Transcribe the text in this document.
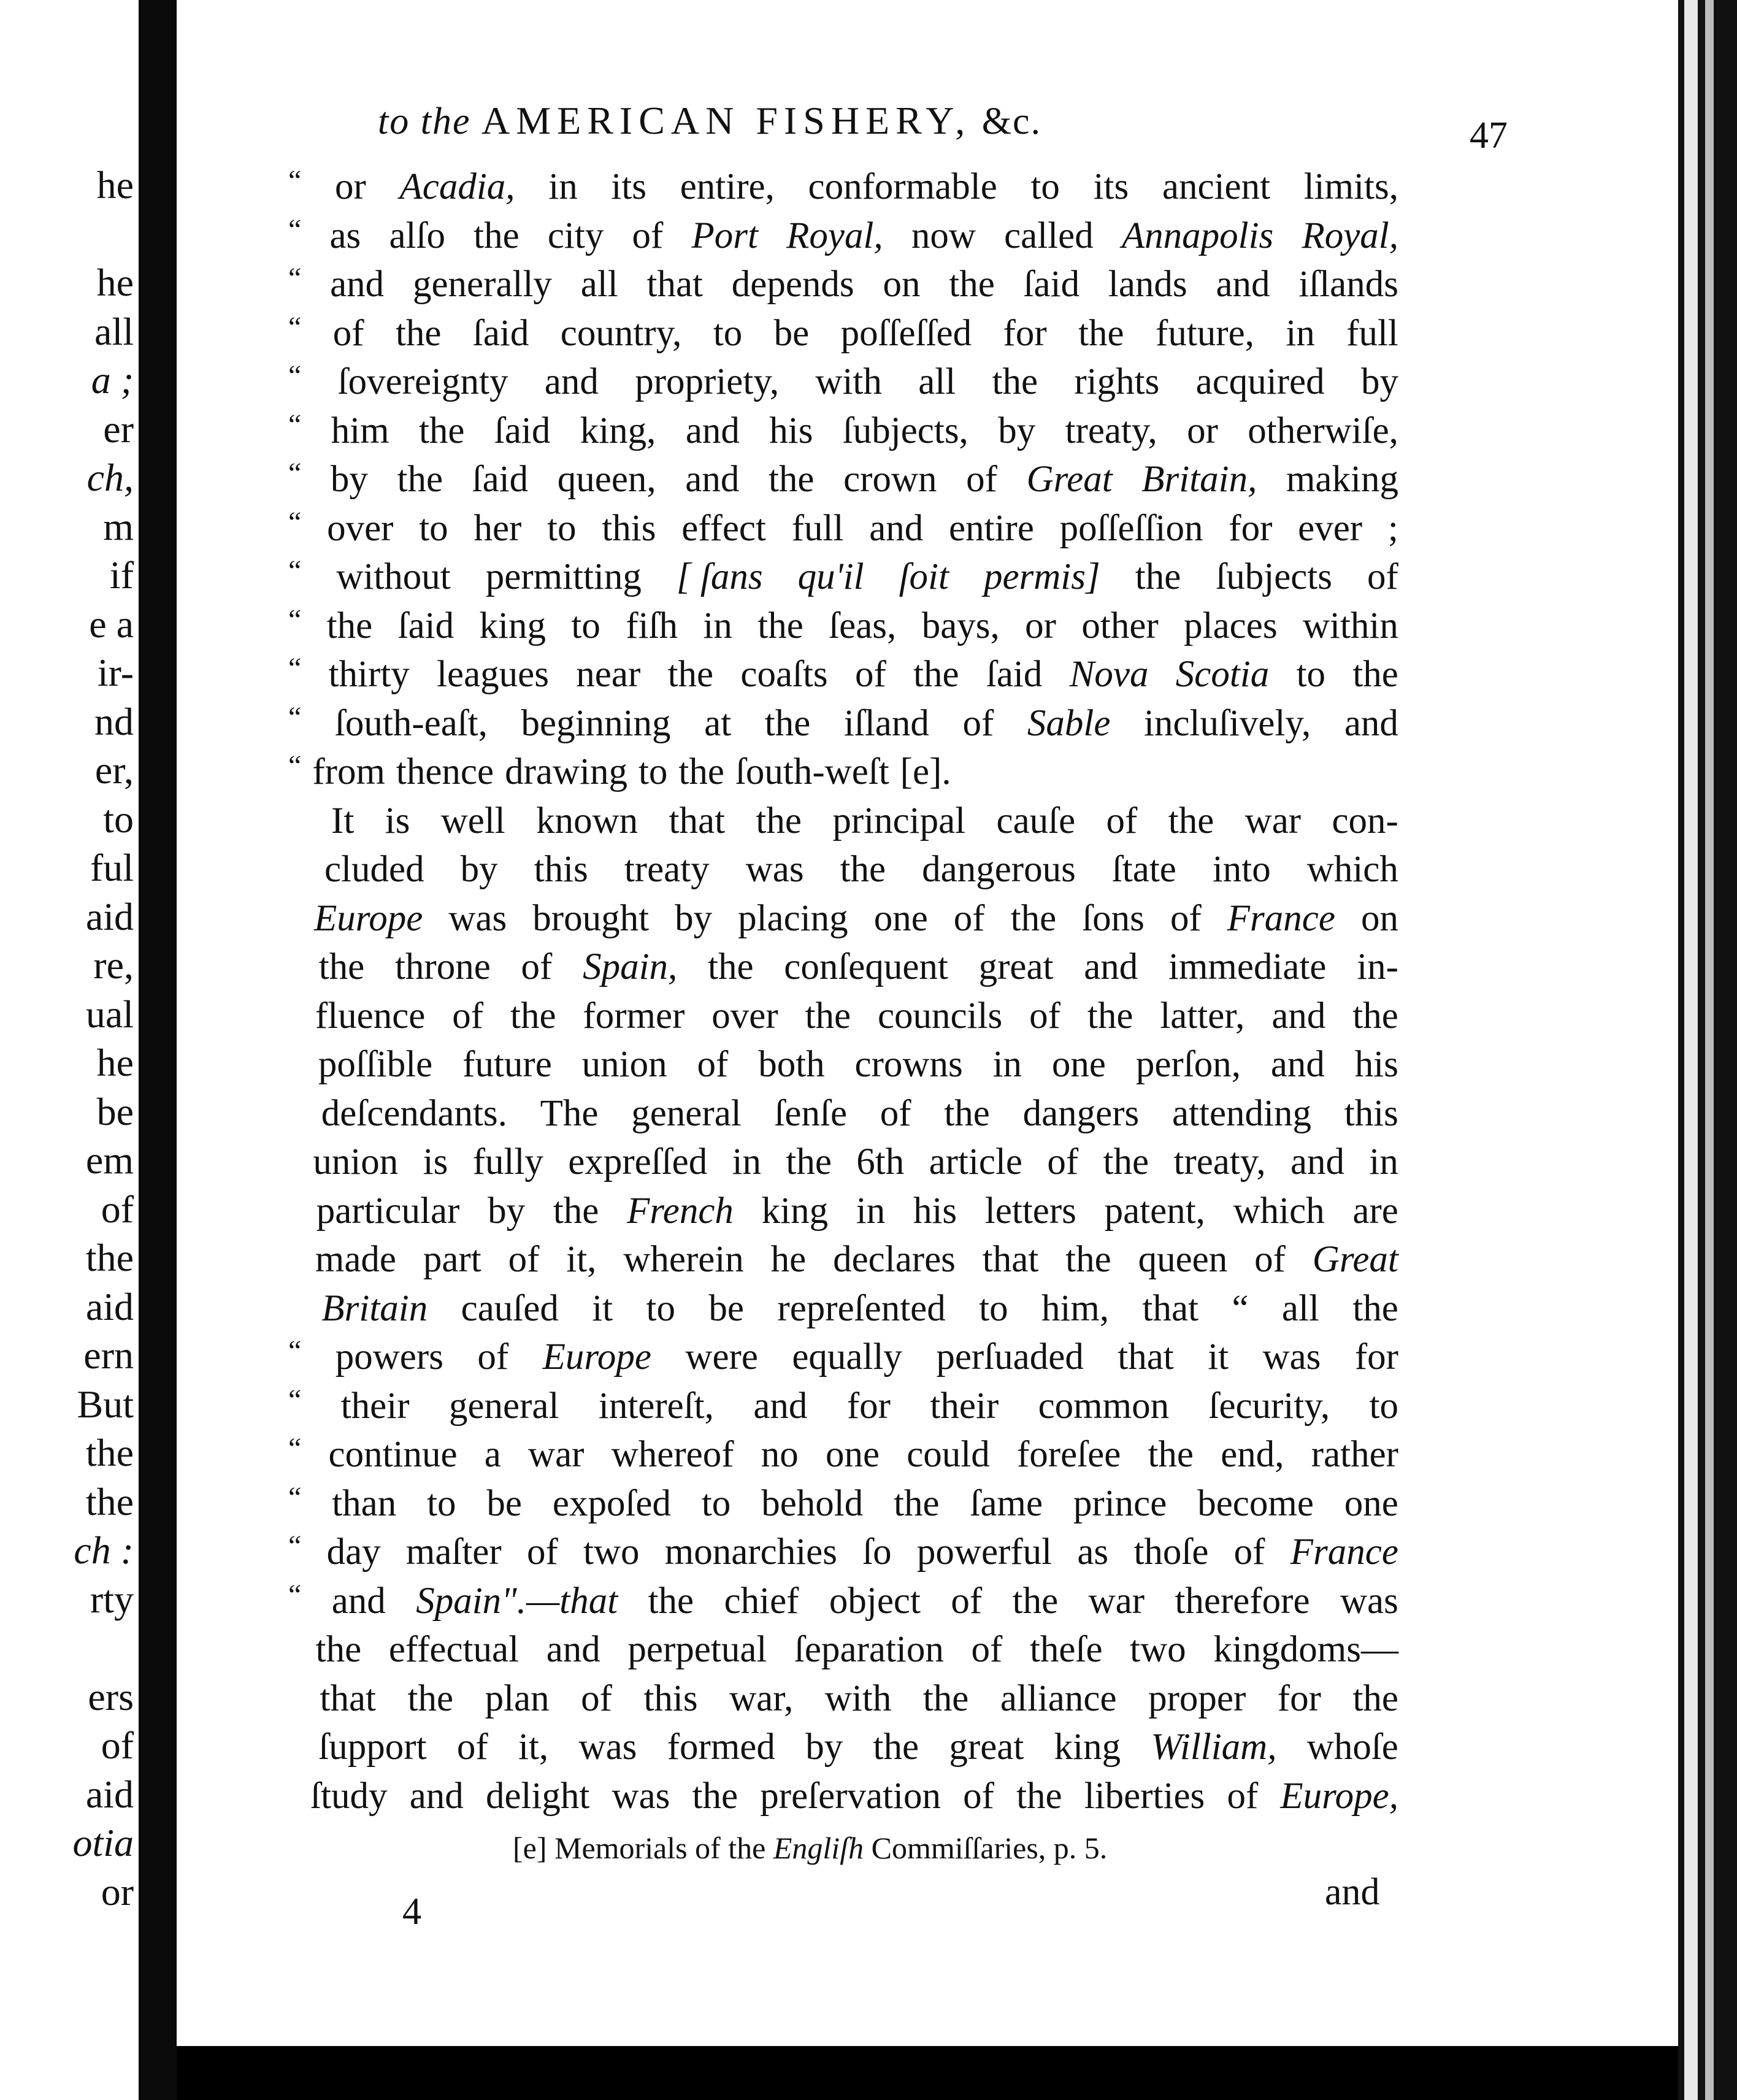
he
he
all
a ;
er
ch,
m
if
e a
ir-
nd
er,
to
ful
aid
re,
ual
he
be
em
of
the
aid
ern
But
the
the
ch :
rty
ers
of
aid
otia
or
to the AMERICAN FISHERY, &c.	47
“ or Acadia, in its entire, conformable to its ancient limits,
“ as alſo the city of Port Royal, now called Annapolis Royal,
“ and generally all that depends on the ſaid lands and iſlands
“ of the ſaid country, to be poſſeſſed for the future, in full
“ ſovereignty and propriety, with all the rights acquired by
“ him the ſaid king, and his ſubjects, by treaty, or otherwiſe,
“ by the ſaid queen, and the crown of Great Britain, making
“ over to her to this effect full and entire poſſeſſion for ever ;
“ without permitting [ ſans qu'il ſoit permis] the ſubjects of
“ the ſaid king to fiſh in the ſeas, bays, or other places within
“ thirty leagues near the coaſts of the ſaid Nova Scotia to the
“ ſouth-eaſt, beginning at the iſland of Sable incluſively, and
“ from thence drawing to the ſouth-weſt [e].
It is well known that the principal cauſe of the war con-
cluded by this treaty was the dangerous ſtate into which
Europe was brought by placing one of the ſons of France on
the throne of Spain, the conſequent great and immediate in-
fluence of the former over the councils of the latter, and the
poſſible future union of both crowns in one perſon, and his
deſcendants. The general ſenſe of the dangers attending this
union is fully expreſſed in the 6th article of the treaty, and in
particular by the French king in his letters patent, which are
made part of it, wherein he declares that the queen of Great
Britain cauſed it to be repreſented to him, that “ all the
“ powers of Europe were equally perſuaded that it was for
“ their general intereſt, and for their common ſecurity, to
“ continue a war whereof no one could foreſee the end, rather
“ than to be expoſed to behold the ſame prince become one
“ day maſter of two monarchies ſo powerful as thoſe of France
“ and Spain".—that the chief object of the war therefore was
the effectual and perpetual ſeparation of theſe two kingdoms—
that the plan of this war, with the alliance proper for the
ſupport of it, was formed by the great king William, whoſe
ſtudy and delight was the preſervation of the liberties of Europe,
[e] Memorials of the Engliſh Commiſſaries, p. 5.
4	and
